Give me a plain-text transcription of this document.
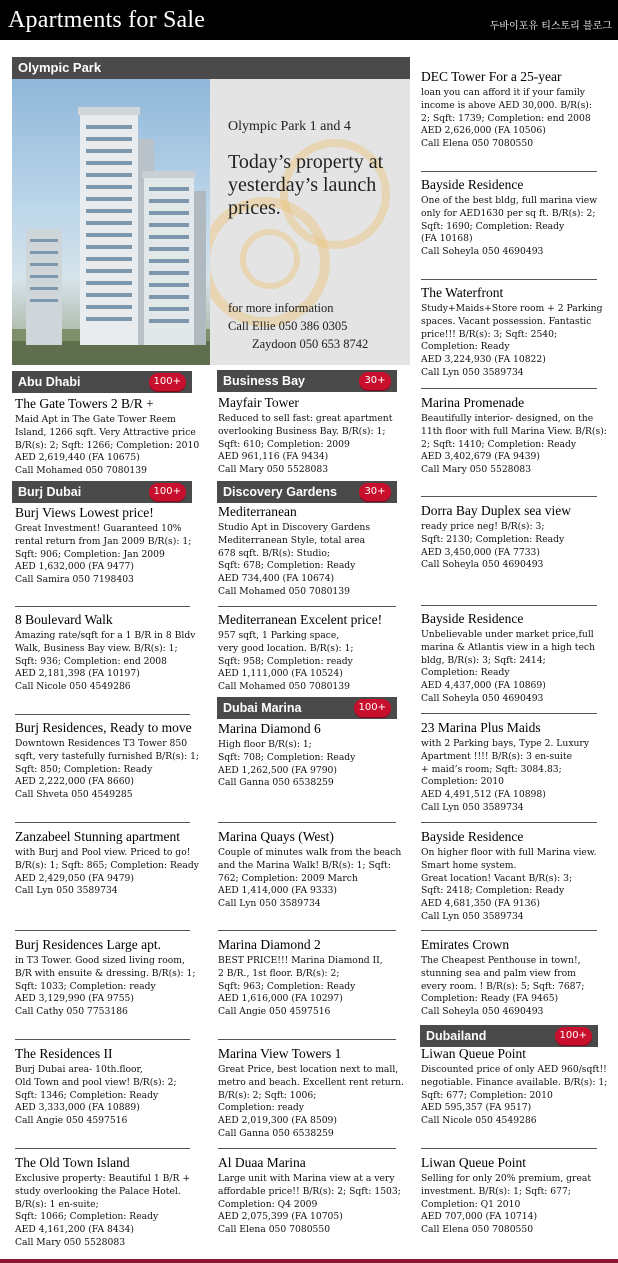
Apartments for Sale	두바이포유 티스토리 블로그
Olympic Park
Olympic Park 1 and 4
Today’s property at yesterday’s launch prices.
for more information
Call Ellie 050 386 0305
Zaydoon 050 653 8742
Abu Dhabi	100+
Burj Dubai	100+
Business Bay	30+
Discovery Gardens	30+
Dubai Marina	100+
Dubailand	100+
The Gate Towers 2 B/R +

Maid Apt in The Gate Tower Reem
Island, 1266 sqft. Very Attractive price
B/R(s): 2; Sqft: 1266; Completion: 2010
AED 2,619,440 (FA 10675)
Call Mohamed 050 7080139

Burj Views Lowest price!

Great Investment! Guaranteed 10%
rental return from Jan 2009 B/R(s): 1;
Sqft: 906; Completion: Jan 2009
AED 1,632,000 (FA 9477)
Call Samira 050 7198403

8 Boulevard Walk

Amazing rate/sqft for a 1 B/R in 8 Bldv
Walk, Business Bay view. B/R(s): 1;
Sqft: 936; Completion: end 2008
AED 2,181,398 (FA 10197)
Call Nicole 050 4549286

Burj Residences, Ready to move

Downtown Residences T3 Tower 850
sqft, very tastefully furnished B/R(s): 1;
Sqft: 850; Completion: Ready
AED 2,222,000 (FA 8660)
Call Shveta 050 4549285

Zanzabeel Stunning apartment

with Burj and Pool view. Priced to go!
B/R(s): 1; Sqft: 865; Completion: Ready
AED 2,429,050 (FA 9479)
Call Lyn 050 3589734

Burj Residences Large apt.

in T3 Tower. Good sized living room,
B/R with ensuite & dressing. B/R(s): 1;
Sqft: 1033; Completion: ready
AED 3,129,990 (FA 9755)
Call Cathy 050 7753186

The Residences II

Burj Dubai area- 10th.floor,
Old Town and pool view! B/R(s): 2;
Sqft: 1346; Completion: Ready
AED 3,333,000 (FA 10889)
Call Angie 050 4597516

The Old Town Island

Exclusive property: Beautiful 1 B/R +
study overlooking the Palace Hotel.
B/R(s): 1 en-suite;
Sqft: 1066; Completion: Ready
AED 4,161,200 (FA 8434)
Call Mary 050 5528083

Mayfair Tower

Reduced to sell fast: great apartment
overlooking Business Bay. B/R(s): 1;
Sqft: 610; Completion: 2009
AED 961,116 (FA 9434)
Call Mary 050 5528083

Mediterranean

Studio Apt in Discovery Gardens
Mediterranean Style, total area
678 sqft. B/R(s): Studio;
Sqft: 678; Completion: Ready
AED 734,400 (FA 10674)
Call Mohamed 050 7080139

Mediterranean Excelent price!

957 sqft, 1 Parking space,
very good location. B/R(s): 1;
Sqft: 958; Completion: ready
AED 1,111,000 (FA 10524)
Call Mohamed 050 7080139

Marina Diamond 6

High floor B/R(s): 1;
Sqft: 708; Completion: Ready
AED 1,262,500 (FA 9790)
Call Ganna 050 6538259

Marina Quays (West)

Couple of minutes walk from the beach
and the Marina Walk! B/R(s): 1; Sqft:
762; Completion: 2009 March
AED 1,414,000 (FA 9333)
Call Lyn 050 3589734

Marina Diamond 2

BEST PRICE!!! Marina Diamond II,
2 B/R., 1st floor. B/R(s): 2;
Sqft: 963; Completion: Ready
AED 1,616,000 (FA 10297)
Call Angie 050 4597516

Marina View Towers 1

Great Price, best location next to mall,
metro and beach. Excellent rent return.
B/R(s): 2; Sqft: 1006;
Completion: ready
AED 2,019,300 (FA 8509)
Call Ganna 050 6538259

Al Duaa Marina

Large unit with Marina view at a very
affordable price!! B/R(s): 2; Sqft: 1503;
Completion: Q4 2009
AED 2,075,399 (FA 10705)
Call Elena 050 7080550

DEC Tower For a 25-year

loan you can afford it if your family
income is above AED 30,000. B/R(s):
2; Sqft: 1739; Completion: end 2008
AED 2,626,000 (FA 10506)
Call Elena 050 7080550

Bayside Residence

One of the best bldg, full marina view
only for AED1630 per sq ft. B/R(s): 2;
Sqft: 1690; Completion: Ready
(FA 10168)
Call Soheyla 050 4690493

The Waterfront

Study+Maids+Store room + 2 Parking
spaces. Vacant possession. Fantastic
price!!! B/R(s): 3; Sqft: 2540;
Completion: Ready
AED 3,224,930 (FA 10822)
Call Lyn 050 3589734

Marina Promenade

Beautifully interior- designed, on the
11th floor with full Marina View. B/R(s):
2; Sqft: 1410; Completion: Ready
AED 3,402,679 (FA 9439)
Call Mary 050 5528083

Dorra Bay Duplex sea view

ready price neg! B/R(s): 3;
Sqft: 2130; Completion: Ready
AED 3,450,000 (FA 7733)
Call Soheyla 050 4690493

Bayside Residence

Unbelievable under market price,full
marina & Atlantis view in a high tech
bldg, B/R(s): 3; Sqft: 2414;
Completion: Ready
AED 4,437,000 (FA 10869)
Call Soheyla 050 4690493

23 Marina Plus Maids

with 2 Parking bays, Type 2. Luxury
Apartment !!!! B/R(s): 3 en-suite
+ maid’s room; Sqft: 3084.83;
Completion: 2010
AED 4,491,512 (FA 10898)
Call Lyn 050 3589734

Bayside Residence

On higher floor with full Marina view.
Smart home system.
Great location! Vacant B/R(s): 3;
Sqft: 2418; Completion: Ready
AED 4,681,350 (FA 9136)
Call Lyn 050 3589734

Emirates Crown

The Cheapest Penthouse in town!,
stunning sea and palm view from
every room. ! B/R(s): 5; Sqft: 7687;
Completion: Ready (FA 9465)
Call Soheyla 050 4690493

Liwan Queue Point

Discounted price of only AED 960/sqft!!
negotiable. Finance available. B/R(s): 1;
Sqft: 677; Completion: 2010
AED 595,357 (FA 9517)
Call Nicole 050 4549286

Liwan Queue Point

Selling for only 20% premium, great
investment. B/R(s): 1; Sqft: 677;
Completion: Q1 2010
AED 707,000 (FA 10714)
Call Elena 050 7080550
